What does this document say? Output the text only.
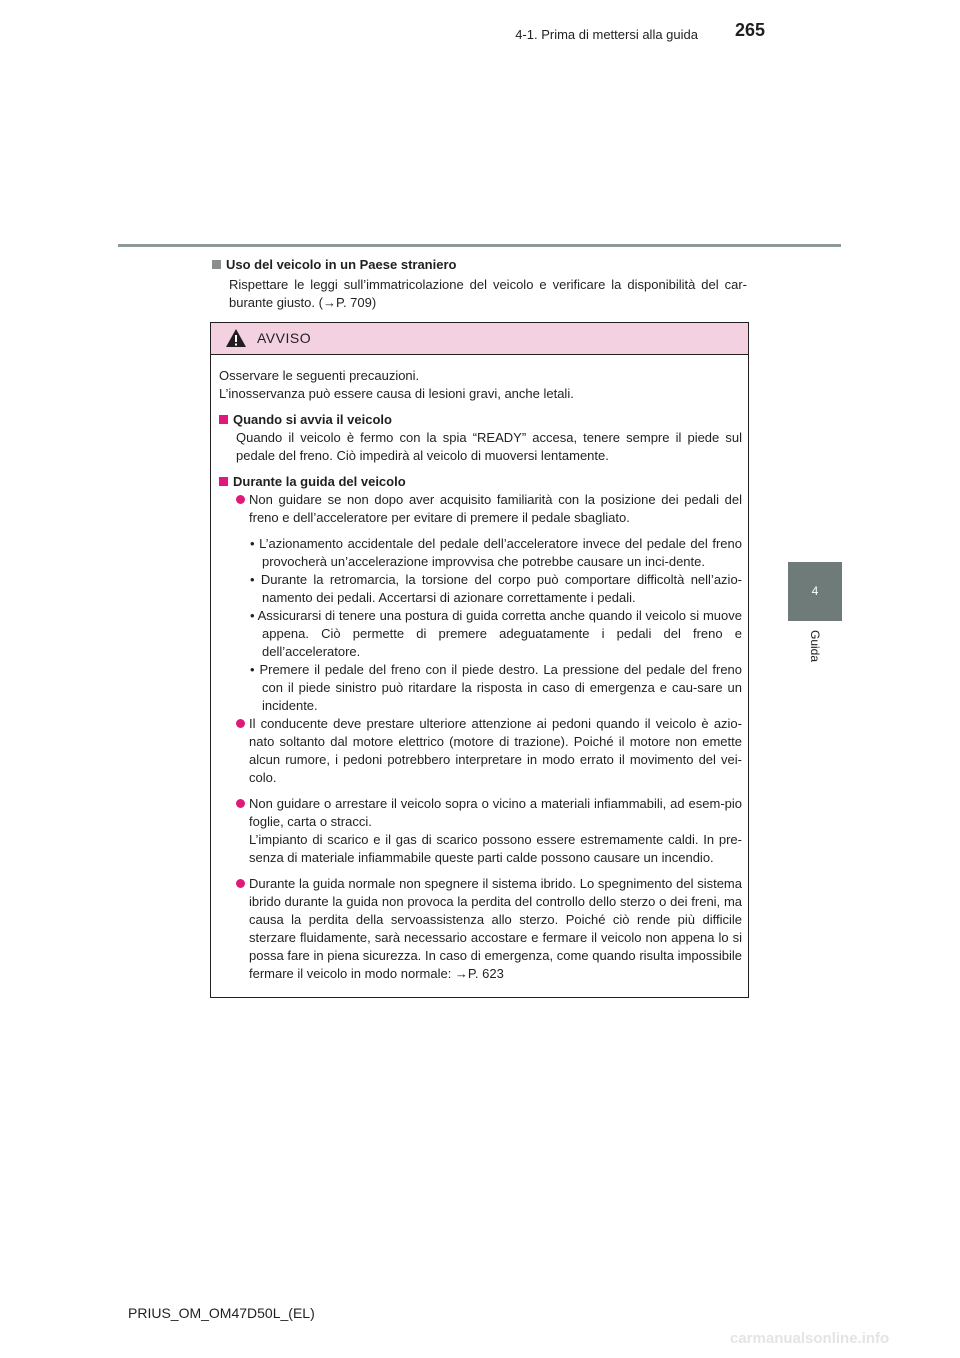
4-1. Prima di mettersi alla guida 265
4
Guida

Uso del veicolo in un Paese straniero

Rispettare le leggi sull’immatricolazione del veicolo e verificare la disponibilità del car-burante giusto. (→P. 709)

AVVISO

Osservare le seguenti precauzioni.

L’inosservanza può essere causa di lesioni gravi, anche letali.

Quando si avvia il veicolo

Quando il veicolo è fermo con la spia “READY” accesa, tenere sempre il piede sul pedale del freno. Ciò impedirà al veicolo di muoversi lentamente.

Durante la guida del veicolo

Non guidare se non dopo aver acquisito familiarità con la posizione dei pedali del freno e dell’acceleratore per evitare di premere il pedale sbagliato.

• L’azionamento accidentale del pedale dell’acceleratore invece del pedale del freno provocherà un’accelerazione improvvisa che potrebbe causare un inci-dente.

• Durante la retromarcia, la torsione del corpo può comportare difficoltà nell’azio-namento dei pedali. Accertarsi di azionare correttamente i pedali.

• Assicurarsi di tenere una postura di guida corretta anche quando il veicolo si muove appena. Ciò permette di premere adeguatamente i pedali del freno e dell’acceleratore.

• Premere il pedale del freno con il piede destro. La pressione del pedale del freno con il piede sinistro può ritardare la risposta in caso di emergenza e cau-sare un incidente.

Il conducente deve prestare ulteriore attenzione ai pedoni quando il veicolo è azio-nato soltanto dal motore elettrico (motore di trazione). Poiché il motore non emette alcun rumore, i pedoni potrebbero interpretare in modo errato il movimento del vei-colo.

Non guidare o arrestare il veicolo sopra o vicino a materiali infiammabili, ad esem-pio foglie, carta o stracci.

L’impianto di scarico e il gas di scarico possono essere estremamente caldi. In pre-senza di materiale infiammabile queste parti calde possono causare un incendio.

Durante la guida normale non spegnere il sistema ibrido. Lo spegnimento del sistema ibrido durante la guida non provoca la perdita del controllo dello sterzo o dei freni, ma causa la perdita della servoassistenza allo sterzo. Poiché ciò rende più difficile sterzare fluidamente, sarà necessario accostare e fermare il veicolo non appena lo si possa fare in piena sicurezza. In caso di emergenza, come quando risulta impossibile fermare il veicolo in modo normale: →P. 623

PRIUS_OM_OM47D50L_(EL)
carmanualsonline.info
